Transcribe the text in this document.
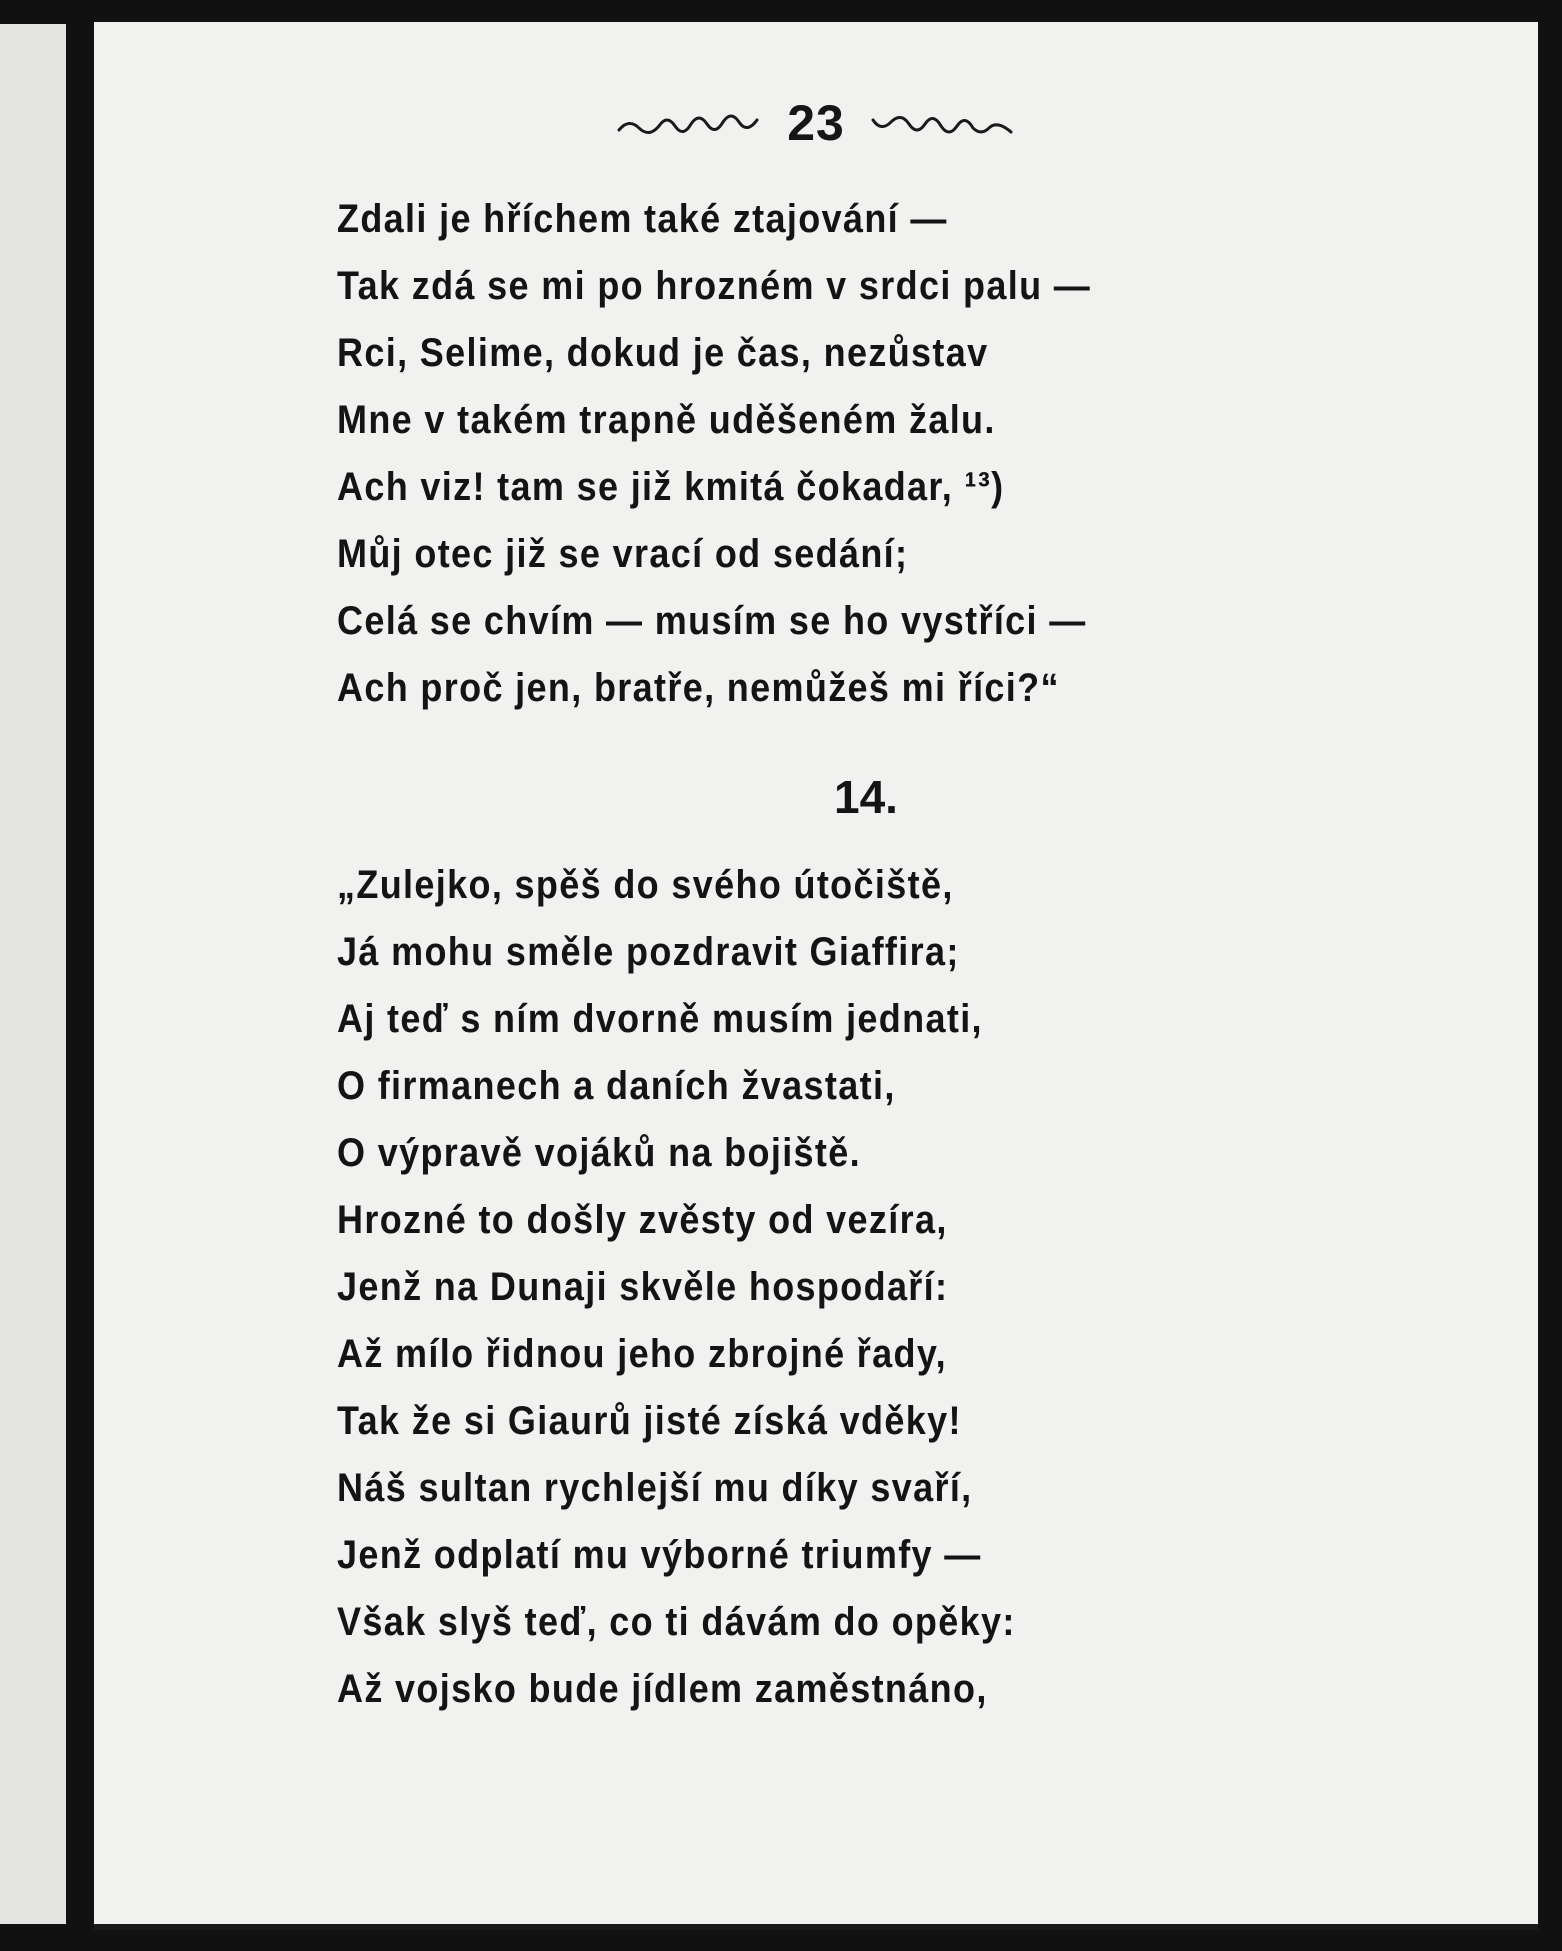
23
Zdali je hříchem také ztajování —
Tak zdá se mi po hrozném v srdci palu —
Rci, Selime, dokud je čas, nezůstav
Mne v takém trapně uděšeném žalu.
Ach viz! tam se již kmitá čokadar, ¹³)
Můj otec již se vrací od sedání;
Celá se chvím — musím se ho vystříci —
Ach proč jen, bratře, nemůžeš mi říci?“
14.
„Zulejko, spěš do svého útočiště,
Já mohu směle pozdravit Giaffira;
Aj teď s ním dvorně musím jednati,
O firmanech a daních žvastati,
O výpravě vojáků na bojiště.
Hrozné to došly zvěsty od vezíra,
Jenž na Dunaji skvěle hospodaří:
Až mílo řidnou jeho zbrojné řady,
Tak že si Giaurů jisté získá vděky!
Náš sultan rychlejší mu díky svaří,
Jenž odplatí mu výborné triumfy —
Však slyš teď, co ti dávám do opěky:
Až vojsko bude jídlem zaměstnáno,
